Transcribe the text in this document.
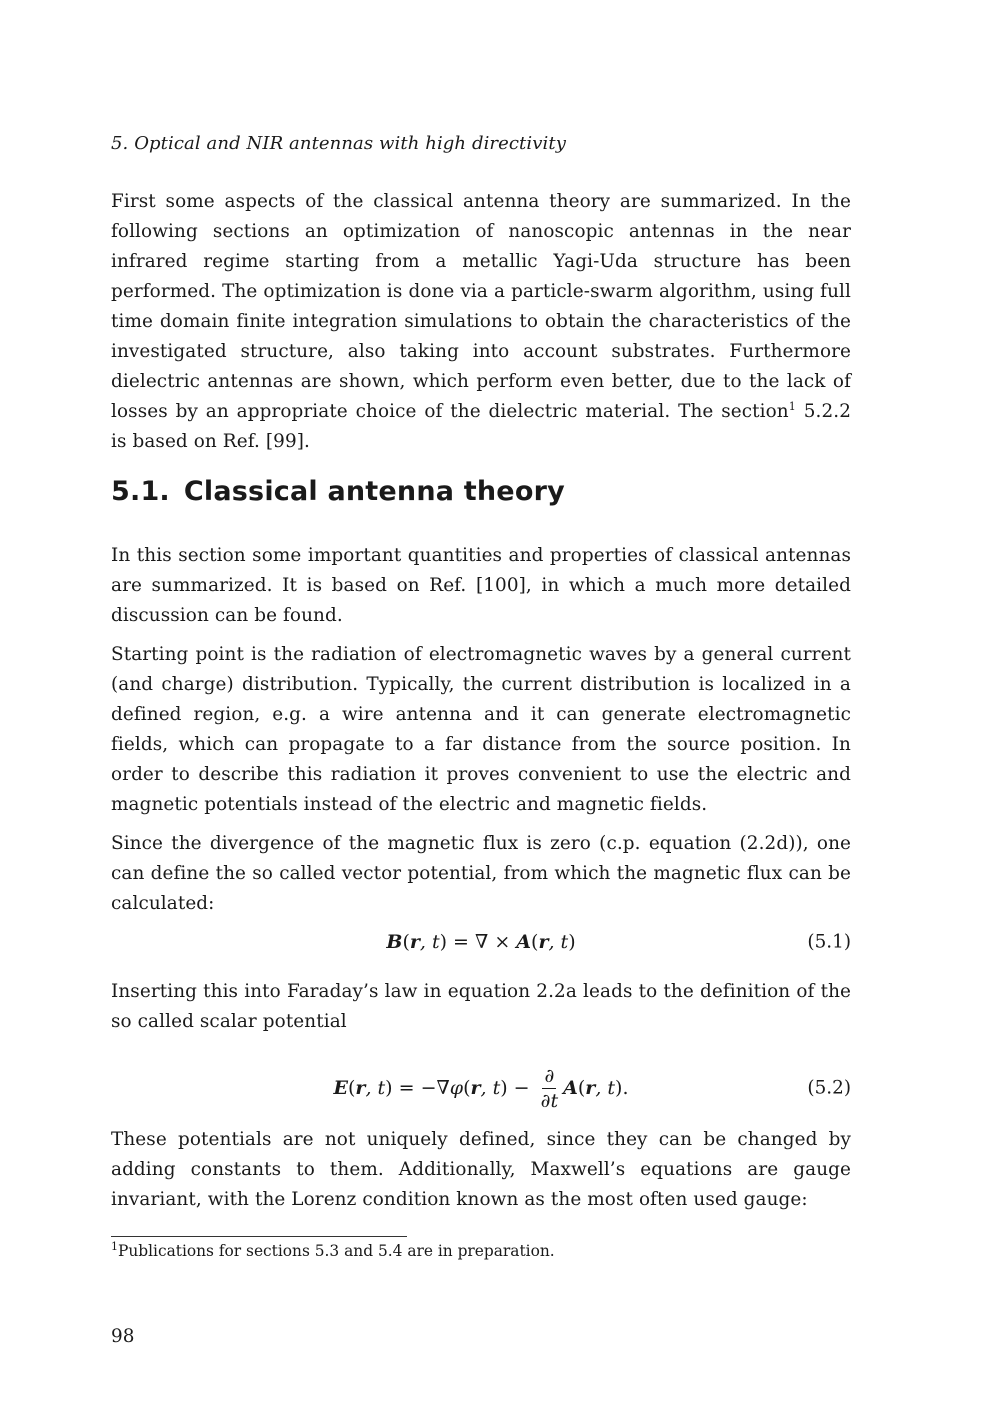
5. Optical and NIR antennas with high directivity

First some aspects of the classical antenna theory are summarized. In the following sections an optimization of nanoscopic antennas in the near infrared regime starting from a metallic Yagi-Uda structure has been performed. The optimization is done via a particle-swarm algorithm, using full time domain finite integration simulations to obtain the characteristics of the investigated structure, also taking into account substrates. Furthermore dielectric antennas are shown, which perform even better, due to the lack of losses by an appropriate choice of the dielectric material. The section$^1$ 5.2.2 is based on Ref. [99].

5.1. Classical antenna theory

In this section some important quantities and properties of classical antennas are summarized. It is based on Ref. [100], in which a much more detailed discussion can be found.

Starting point is the radiation of electromagnetic waves by a general current (and charge) distribution. Typically, the current distribution is localized in a defined region, e.g. a wire antenna and it can generate electromagnetic fields, which can propagate to a far distance from the source position. In order to describe this radiation it proves convenient to use the electric and magnetic potentials instead of the electric and magnetic fields.

Since the divergence of the magnetic flux is zero (c.p. equation (2.2d)), one can define the so called vector potential, from which the magnetic flux can be calculated:

B ( r , t ) = ∇ × A ( r , t )	(5.1)

Inserting this into Faraday’s law in equation 2.2a leads to the definition of the so called scalar potential

E ( r , t ) = −∇ φ ( r , t ) − $\frac{\partial}{\partial t}$ A ( r , t ).	(5.2)

These potentials are not uniquely defined, since they can be changed by adding constants to them. Additionally, Maxwell’s equations are gauge invariant, with the Lorenz condition known as the most often used gauge:

$^1$Publications for sections 5.3 and 5.4 are in preparation.
98
